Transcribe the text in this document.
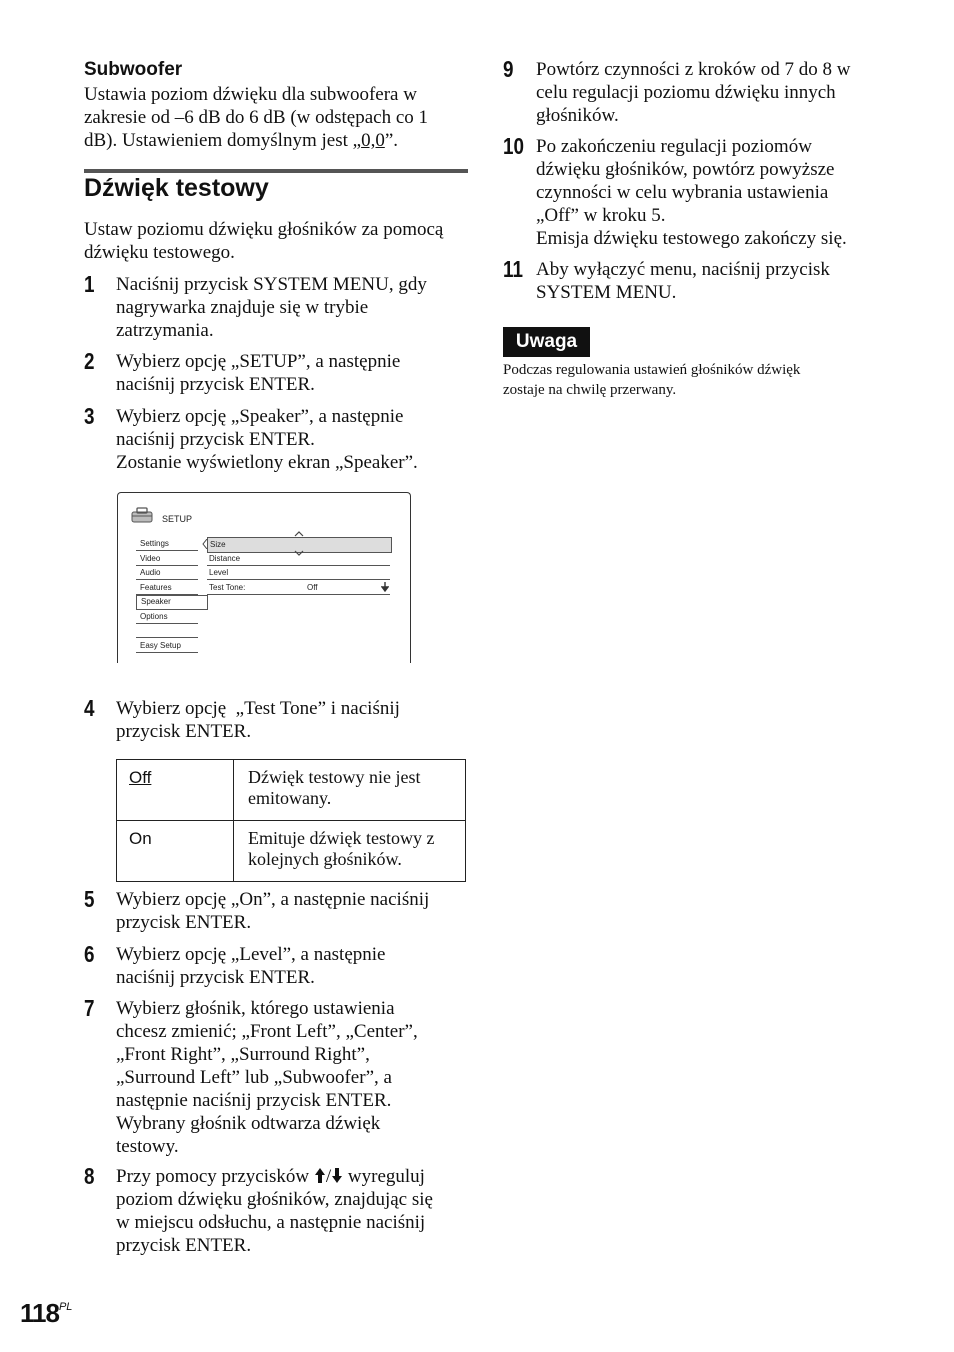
Subwoofer
Ustawia poziom dźwięku dla subwoofera w
zakresie od –6 dB do 6 dB (w odstępach co 1
dB). Ustawieniem domyślnym jest „0,0”.
Dźwięk testowy
Ustaw poziomu dźwięku głośników za pomocą
dźwięku testowego.
1 Naciśnij przycisk SYSTEM MENU, gdy
nagrywarka znajduje się w trybie
zatrzymania.
2 Wybierz opcję „SETUP”, a następnie
naciśnij przycisk ENTER.
3 Wybierz opcję „Speaker”, a następnie
naciśnij przycisk ENTER.
Zostanie wyświetlony ekran „Speaker”.
SETUP
Settings
Video
Audio
Features
Speaker
Options
Easy Setup
Size
Distance
Level
Test Tone:	Off
4 Wybierz opcję  „Test Tone” i naciśnij
przycisk ENTER.
Off	Dźwięk testowy nie jest
emitowany.

On	Emituje dźwięk testowy z
kolejnych głośników.
5 Wybierz opcję „On”, a następnie naciśnij
przycisk ENTER.
6 Wybierz opcję „Level”, a następnie
naciśnij przycisk ENTER.
7 Wybierz głośnik, którego ustawienia
chcesz zmienić; „Front Left”, „Center”,
„Front Right”, „Surround Right”,
„Surround Left” lub „Subwoofer”, a
następnie naciśnij przycisk ENTER.
Wybrany głośnik odtwarza dźwięk
testowy.
8 Przy pomocy przycisków / wyreguluj
poziom dźwięku głośników, znajdując się
w miejscu odsłuchu, a następnie naciśnij
przycisk ENTER.
9 Powtórz czynności z kroków od 7 do 8 w
celu regulacji poziomu dźwięku innych
głośników.
10 Po zakończeniu regulacji poziomów
dźwięku głośników, powtórz powyższe
czynności w celu wybrania ustawienia
„Off” w kroku 5.
Emisja dźwięku testowego zakończy się.
11 Aby wyłączyć menu, naciśnij przycisk
SYSTEM MENU.
Uwaga
Podczas regulowania ustawień głośników dźwięk
zostaje na chwilę przerwany.
$118^{PL}$
